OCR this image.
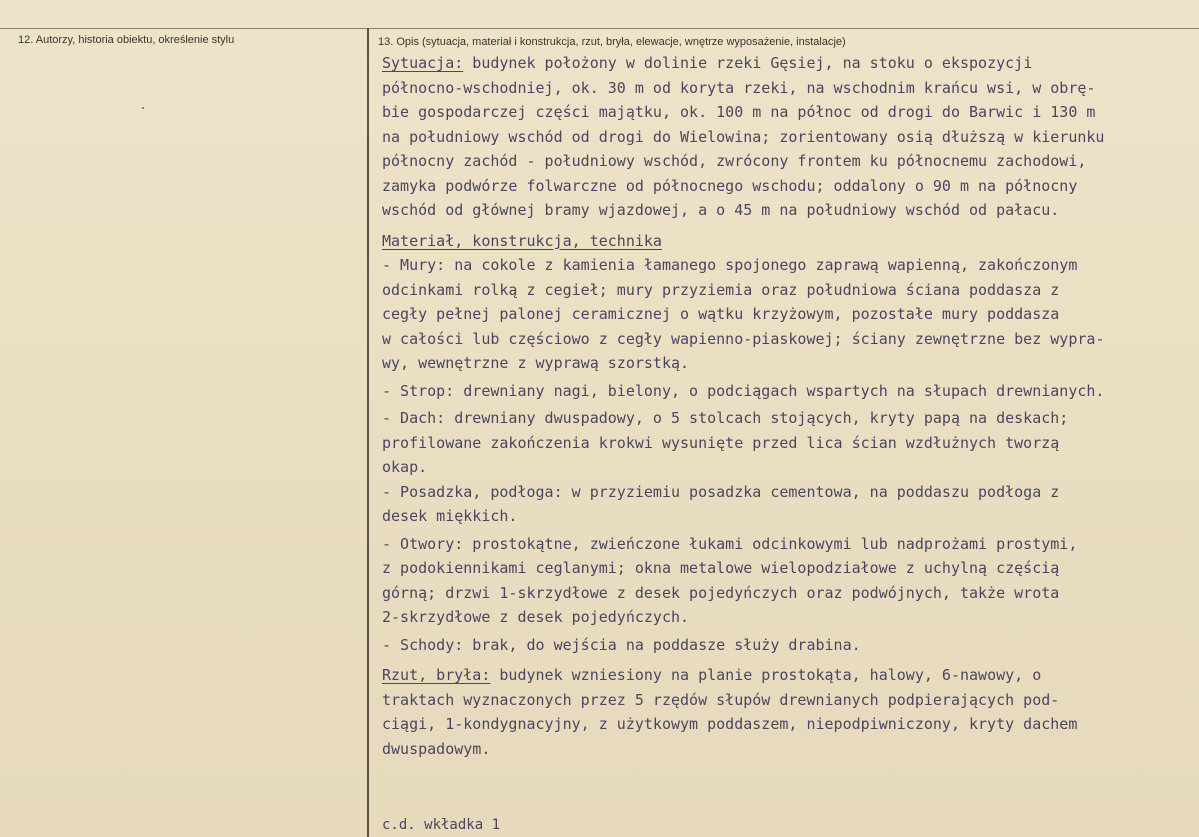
12. Autorzy, historia obiektu, określenie stylu	13. Opis (sytuacja, materiał i konstrukcja, rzut, bryła, elewacje, wnętrze wyposażenie, instalacje)
Sytuacja: budynek położony w dolinie rzeki Gęsiej, na stoku o ekspozycji
północno-wschodniej, ok. 30 m od koryta rzeki, na wschodnim krańcu wsi, w obrę-
bie gospodarczej części majątku, ok. 100 m na północ od drogi do Barwic i 130 m
na południowy wschód od drogi do Wielowina; zorientowany osią dłuższą w kierunku
północny zachód - południowy wschód, zwrócony frontem ku północnemu zachodowi,
zamyka podwórze folwarczne od północnego wschodu; oddalony o 90 m na północny
wschód od głównej bramy wjazdowej, a o 45 m na południowy wschód od pałacu.
Materiał, konstrukcja, technika
- Mury: na cokole z kamienia łamanego spojonego zaprawą wapienną, zakończonym
odcinkami rolką z cegieł; mury przyziemia oraz południowa ściana poddasza z
cegły pełnej palonej ceramicznej o wątku krzyżowym, pozostałe mury poddasza
w całości lub częściowo z cegły wapienno-piaskowej; ściany zewnętrzne bez wypra-
wy, wewnętrzne z wyprawą szorstką.
- Strop: drewniany nagi, bielony, o podciągach wspartych na słupach drewnianych.
- Dach: drewniany dwuspadowy, o 5 stolcach stojących, kryty papą na deskach;
profilowane zakończenia krokwi wysunięte przed lica ścian wzdłużnych tworzą
okap.
- Posadzka, podłoga: w przyziemiu posadzka cementowa, na poddaszu podłoga z
desek miękkich.
- Otwory: prostokątne, zwieńczone łukami odcinkowymi lub nadprożami prostymi,
z podokiennikami ceglanymi; okna metalowe wielopodziałowe z uchylną częścią
górną; drzwi 1-skrzydłowe z desek pojedyńczych oraz podwójnych, także wrota
2-skrzydłowe z desek pojedyńczych.
- Schody: brak, do wejścia na poddasze służy drabina.
Rzut, bryła: budynek wzniesiony na planie prostokąta, halowy, 6-nawowy, o
traktach wyznaczonych przez 5 rzędów słupów drewnianych podpierających pod-
ciągi, 1-kondygnacyjny, z użytkowym poddaszem, niepodpiwniczony, kryty dachem
dwuspadowym.
c.d. wkładka 1
